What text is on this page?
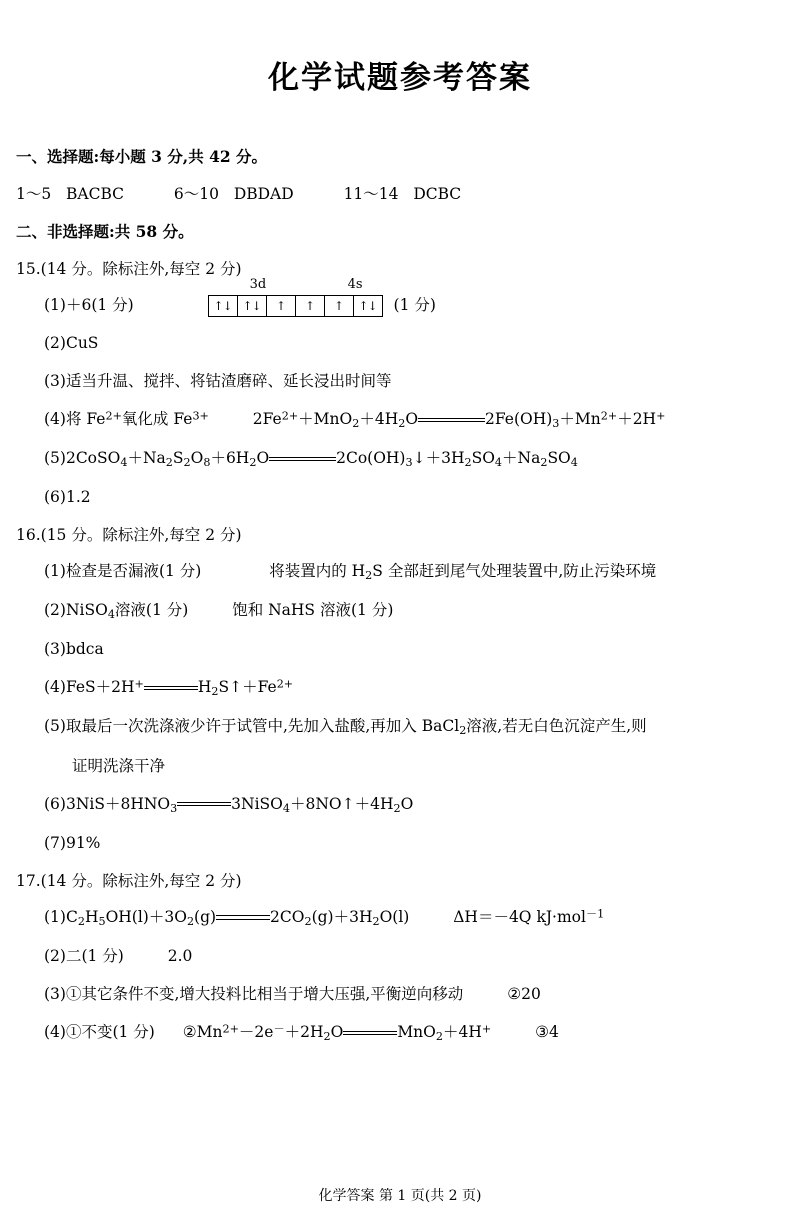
化学试题参考答案
一、选择题:每小题 3 分,共 42 分。
1～5 BACBC	6～10 DBDAD	11～14 DCBC
二、非选择题:共 58 分。
15.(14 分。除标注外,每空 2 分)
(1)＋6(1 分)
3d	4s
↑↓ ↑↓	↑	↑	↑	↑↓	(1 分)
(2)CuS
(3)适当升温、搅拌、将钴渣磨碎、延长浸出时间等
(4)将 $Fe^{2+}$氧化成 $Fe^{3+}$	$2Fe^{2+}+MnO_2+4H_2O$	$2Fe(OH)_3+Mn^{2+}+2H^+$
$(5)2CoSO_4+Na_2S_2O_8+6H_2O$	$2Co(OH)_3↓+3H_2SO_4+Na_2SO_4$
(6)1.2
16.(15 分。除标注外,每空 2 分)
(1)检查是否漏液(1 分)	将装置内的 $H_2S$ 全部赶到尾气处理装置中,防止污染环境
(2)NiSO$_4$溶液(1 分)	饱和 NaHS 溶液(1 分)
(3)bdca
(4)FeS＋2H+	$H_2S↑+Fe^{2+}$
(5)取最后一次洗涤液少许于试管中,先加入盐酸,再加入 BaCl$_2$溶液,若无白色沉淀产生,则
证明洗涤干净
$(6)3NiS+8HNO_3$	$3NiSO_4+8NO↑+4H_2O$
(7)91%
17.(14 分。除标注外,每空 2 分)
$(1)C_2H_5OH(l)+3O_2(g)$	$2CO_2(g)+3H_2O(l)$	ΔH＝－4Q kJ·mol$^{-1}$
(2)二(1 分)	2.0
(3)①其它条件不变,增大投料比相当于增大压强,平衡逆向移动	②20
(4)①不变(1 分) $②Mn^{2+}-2e^-+2H_2O$	MnO$_2$＋4H+	③4
化学答案 第 1 页(共 2 页)
